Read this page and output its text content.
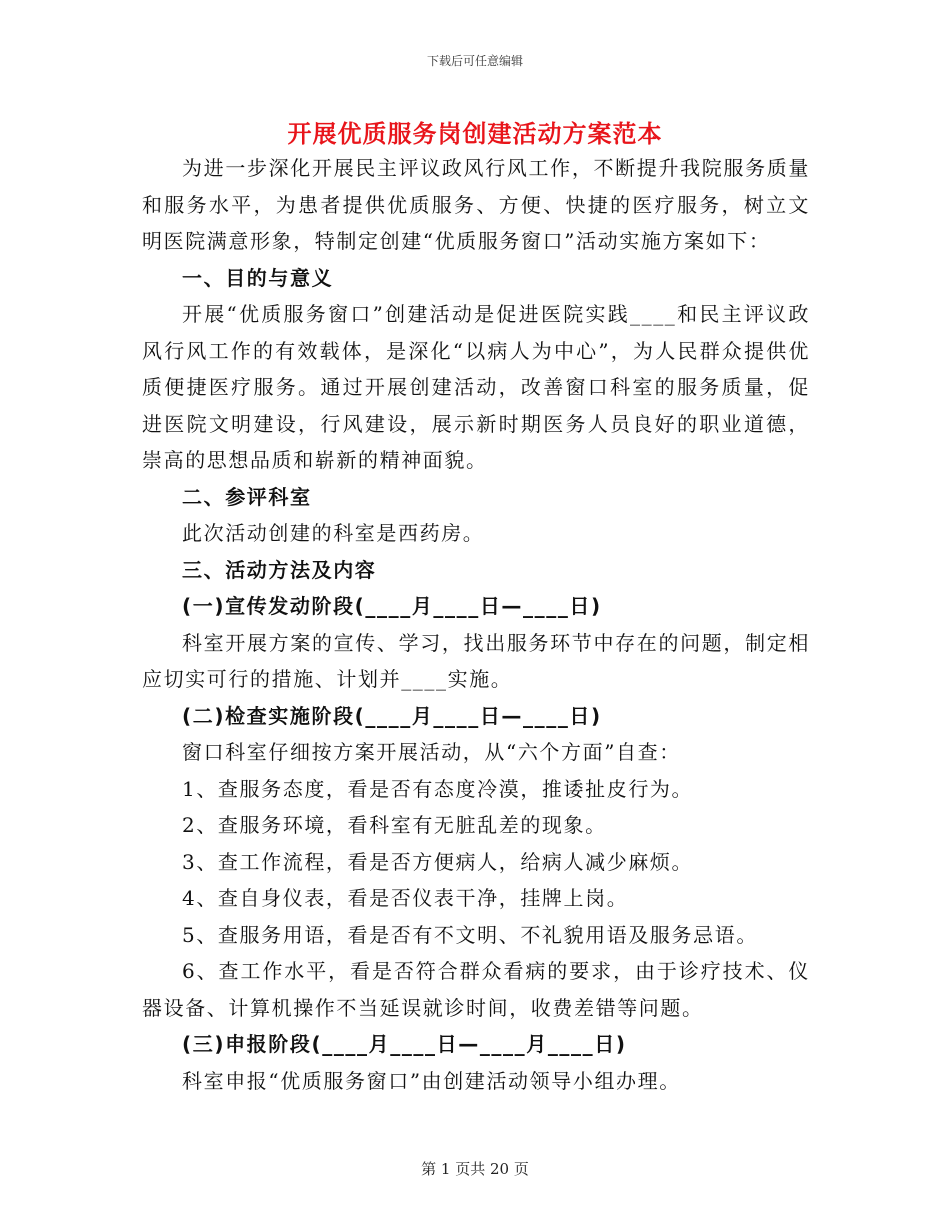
下载后可任意编辑
开展优质服务岗创建活动方案范本

为进一步深化开展民主评议政风行风工作，不断提升我院服务质量和服务水平，为患者提供优质服务、方便、快捷的医疗服务，树立文明医院满意形象，特制定创建“优质服务窗口”活动实施方案如下：

一、目的与意义

开展“优质服务窗口”创建活动是促进医院实践____和民主评议政风行风工作的有效载体，是深化“以病人为中心”，为人民群众提供优质便捷医疗服务。通过开展创建活动，改善窗口科室的服务质量，促进医院文明建设，行风建设，展示新时期医务人员良好的职业道德，崇高的思想品质和崭新的精神面貌。

二、参评科室

此次活动创建的科室是西药房。

三、活动方法及内容

(一)宣传发动阶段(____月____日—____日)

科室开展方案的宣传、学习，找出服务环节中存在的问题，制定相应切实可行的措施、计划并____实施。

(二)检查实施阶段(____月____日—____日)

窗口科室仔细按方案开展活动，从“六个方面”自查：

1、查服务态度，看是否有态度冷漠，推诿扯皮行为。

2、查服务环境，看科室有无脏乱差的现象。

3、查工作流程，看是否方便病人，给病人减少麻烦。

4、查自身仪表，看是否仪表干净，挂牌上岗。

5、查服务用语，看是否有不文明、不礼貌用语及服务忌语。

6、查工作水平，看是否符合群众看病的要求，由于诊疗技术、仪器设备、计算机操作不当延误就诊时间，收费差错等问题。

(三)申报阶段(____月____日—____月____日)

科室申报“优质服务窗口”由创建活动领导小组办理。

第 1 页共 20 页
